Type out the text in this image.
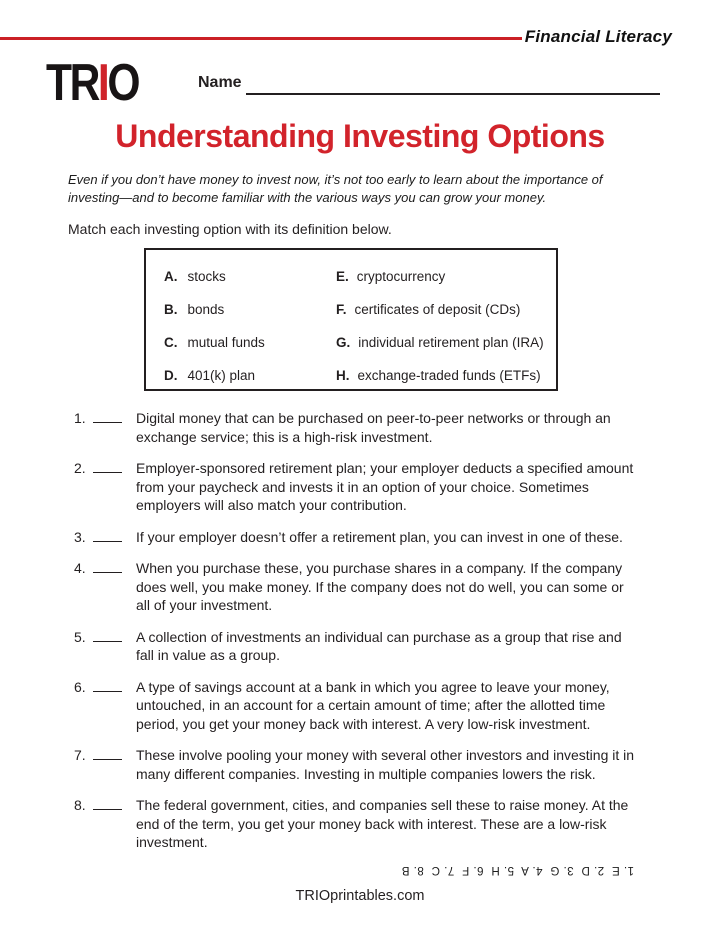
Financial Literacy
TRIO	Name
Understanding Investing Options
Even if you don’t have money to invest now, it’s not too early to learn about the importance of investing—and to become familiar with the various ways you can grow your money.
Match each investing option with its definition below.
A. stocks	E. cryptocurrency
B. bonds	F. certificates of deposit (CDs)
C. mutual funds	G. individual retirement plan (IRA)
D. 401(k) plan	H. exchange-traded funds (ETFs)
1.	Digital money that can be purchased on peer-to-peer networks or through an exchange service; this is a high-risk investment.
2.	Employer-sponsored retirement plan; your employer deducts a specified amount from your paycheck and invests it in an option of your choice. Sometimes employers will also match your contribution.
3.	If your employer doesn’t offer a retirement plan, you can invest in one of these.
4.	When you purchase these, you purchase shares in a company. If the company does well, you make money. If the company does not do well, you can some or all of your investment.
5.	A collection of investments an individual can purchase as a group that rise and fall in value as a group.
6.	A type of savings account at a bank in which you agree to leave your money, untouched, in an account for a certain amount of time; after the allotted time period, you get your money back with interest. A very low-risk investment.
7.	These involve pooling your money with several other investors and investing it in many different companies. Investing in multiple companies lowers the risk.
8.	The federal government, cities, and companies sell these to raise money. At the end of the term, you get your money back with interest. These are a low-risk investment.
1. E  2. D  3. G  4. A  5. H  6. F  7. C  8. B
TRIOprintables.com
